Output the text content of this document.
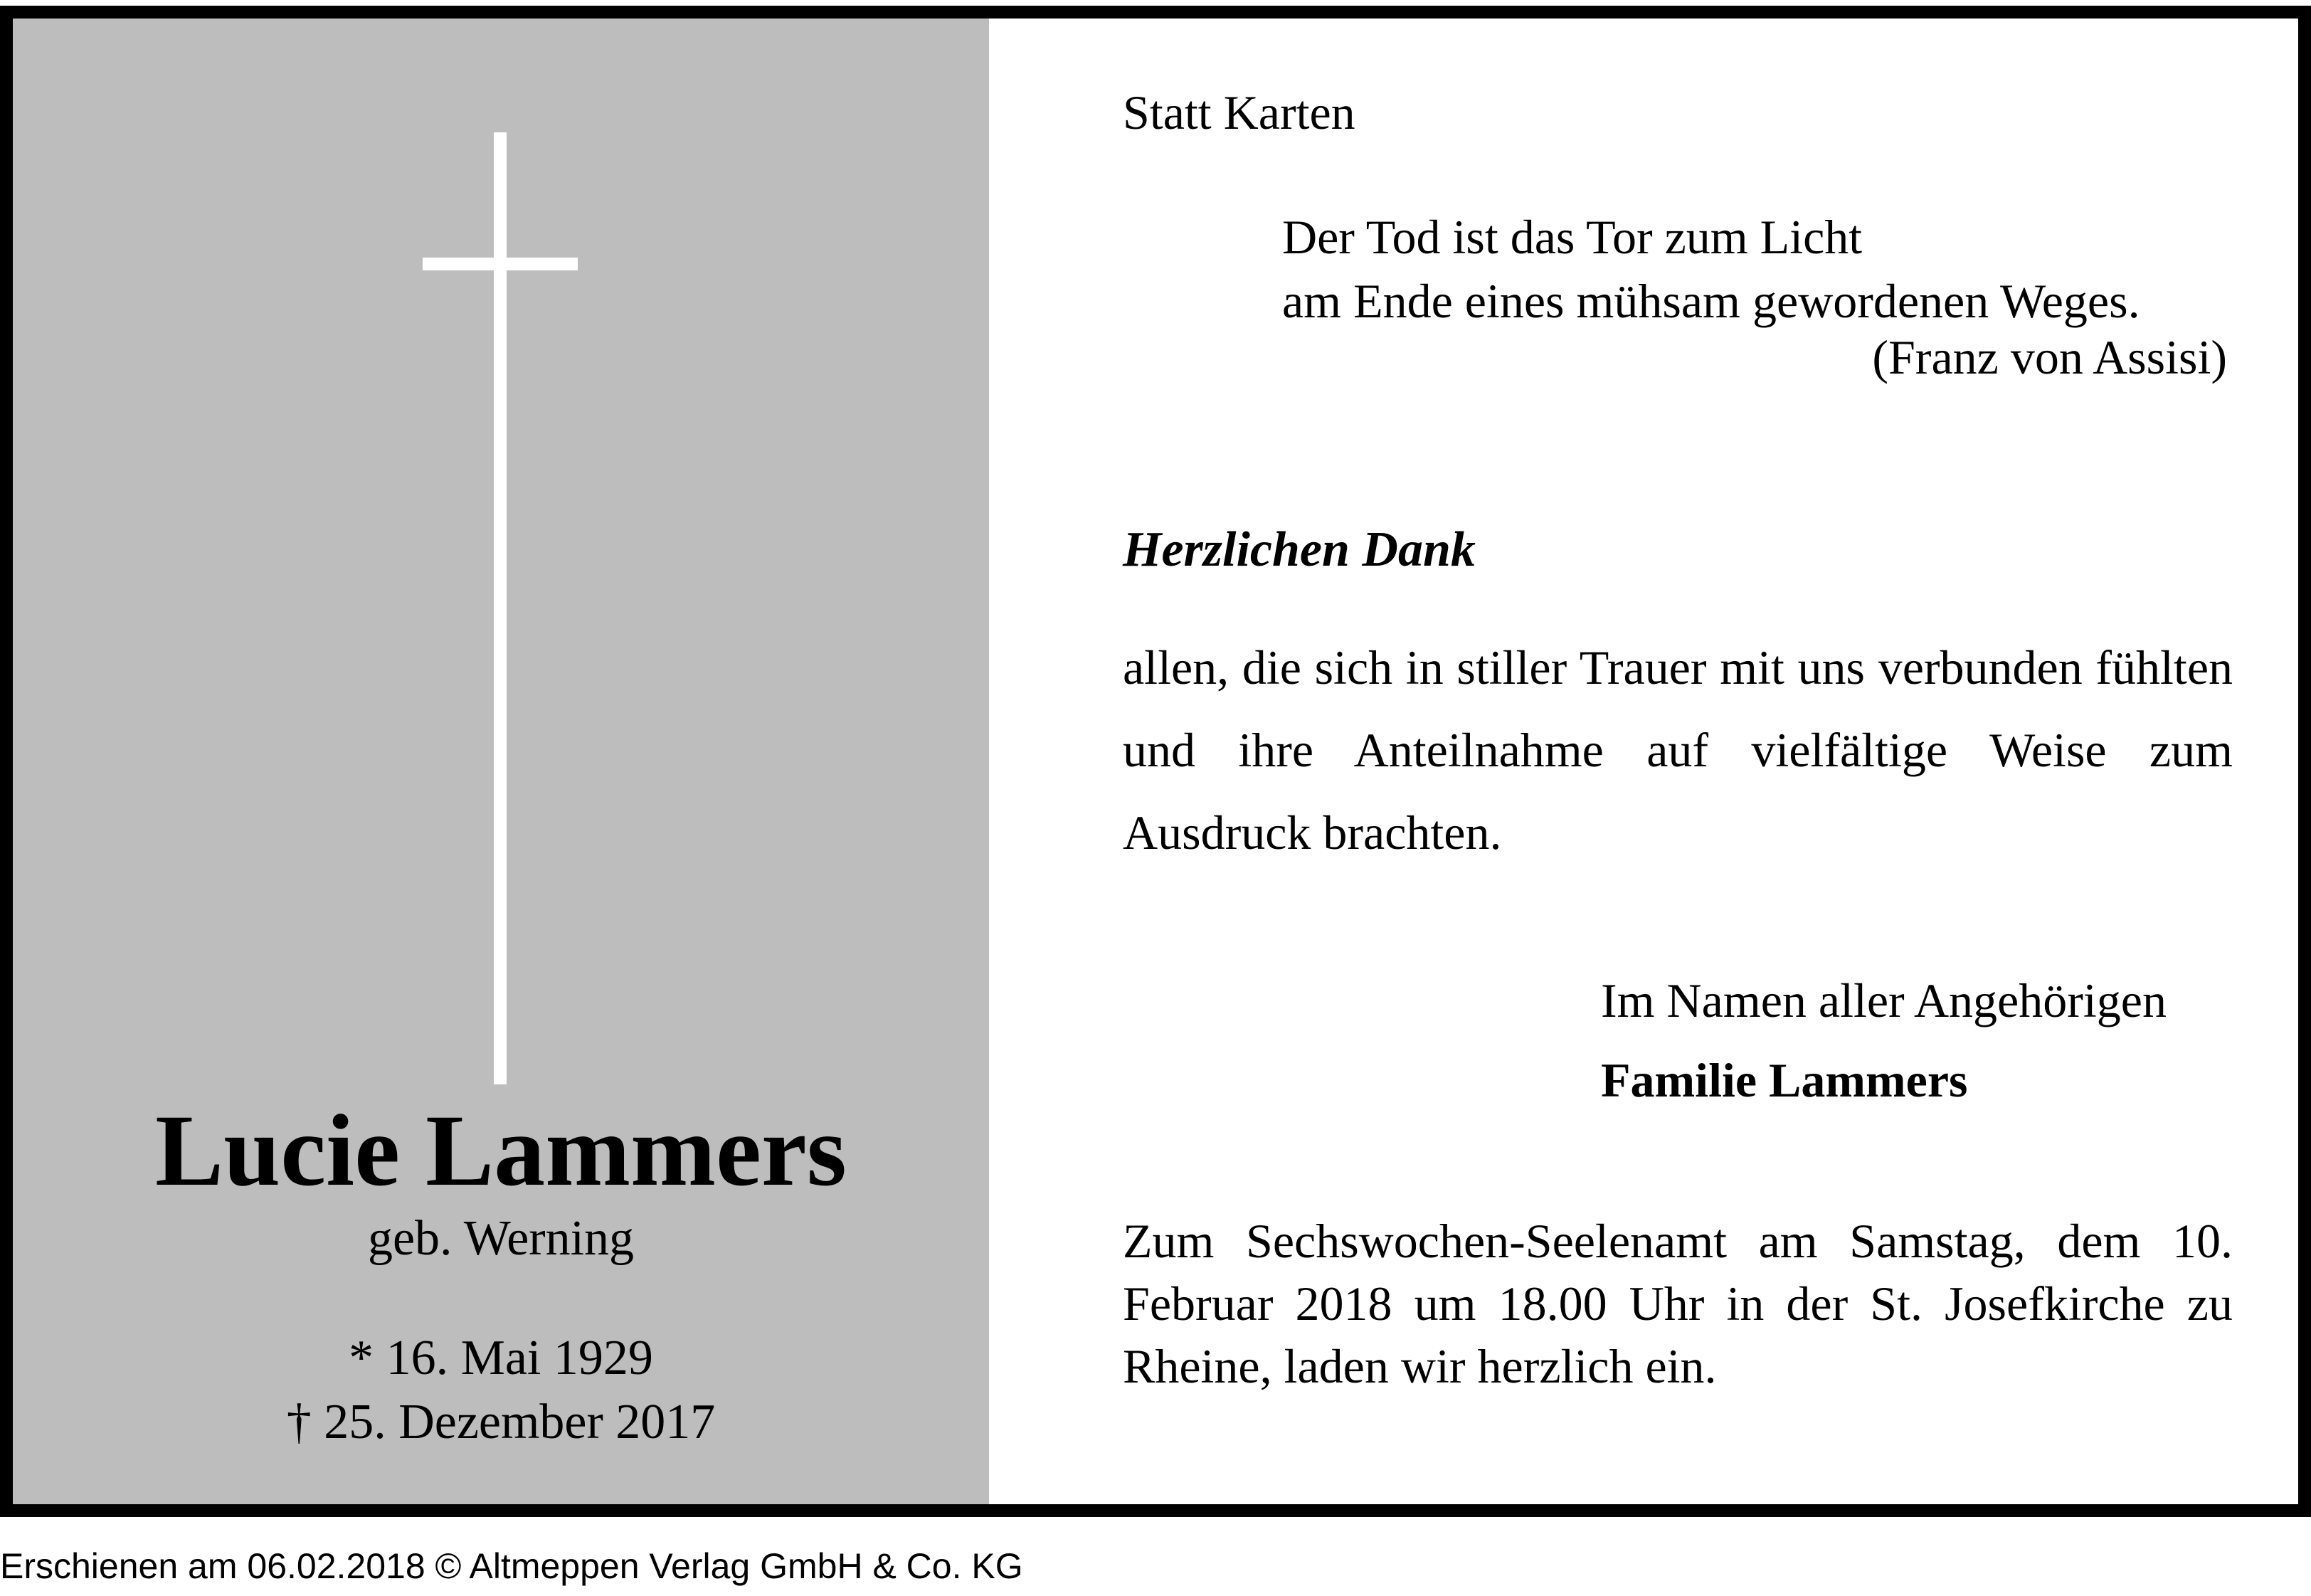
Lucie Lammers
geb. Werning
* 16. Mai 1929
† 25. Dezember 2017
Statt Karten
Der Tod ist das Tor zum Licht
am Ende eines mühsam gewordenen Weges.
(Franz von Assisi)
Herzlichen Dank
allen, die sich in stiller Trauer mit uns verbunden fühlten und ihre Anteilnahme auf vielfältige Weise zum Ausdruck brachten.
Im Namen aller Angehörigen
Familie Lammers
Zum Sechswochen-Seelenamt am Samstag, dem 10. Februar 2018 um 18.00 Uhr in der St. Josefkirche zu Rheine, laden wir herzlich ein.
Erschienen am 06.02.2018 © Altmeppen Verlag GmbH & Co. KG
